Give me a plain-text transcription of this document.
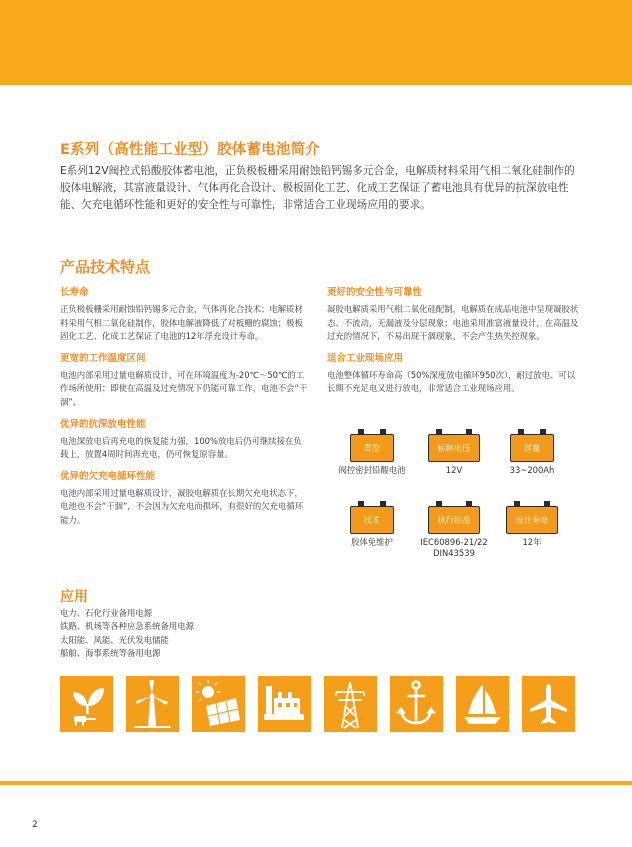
E系列（高性能工业型）胶体蓄电池简介
E系列12V阀控式铅酸胶体蓄电池，正负极板栅采用耐蚀铅钙锡多元合金，电解质材料采用气相二氧化硅制作的胶体电解液，其富液量设计、气体再化合设计、极板固化工艺、化成工艺保证了蓄电池具有优异的抗深放电性能、欠充电循环性能和更好的安全性与可靠性，非常适合工业现场应用的要求。
产品技术特点
长寿命
正负极板栅采用耐蚀铅钙锡多元合金，气体再化合技术；电解质材料采用气相二氧化硅制作，胶体电解液降低了对板栅的腐蚀；极板固化工艺、化成工艺保证了电池的12年浮充设计寿命。
更宽的工作温度区间
电池内部采用过量电解质设计，可在环境温度为-20℃～50℃的工作场所使用；即使在高温及过充情况下仍能可靠工作，电池不会“干涸”。
优异的抗深放电性能
电池深放电后再充电的恢复能力强，100%放电后仍可继续接在负载上，放置4周时间再充电，仍可恢复原容量。
优异的欠充电循环性能
电池内部采用过量电解质设计，凝胶电解质在长期欠充电状态下，电池也不会“干涸”，不会因为欠充电而损坏，有很好的欠充电循环能力。
更好的安全性与可靠性
凝胶电解质采用气相二氧化硅配制，电解质在成品电池中呈现凝胶状态、不流动，无漏液及分层现象；电池采用准富液量设计，在高温及过充的情况下，不易出现干涸现象，不会产生热失控现象。
适合工业现场应用
电池整体循环寿命高（50%深度放电循环950次），耐过放电、可以长期不充足电又进行放电，非常适合工业现场应用。
类型
阀控密封铅酸电池
标称电压
12V
容量
33~200Ah
技术
胶体免维护
执行标准
IEC60896-21/22
DIN43539
设计寿命
12年
应用
电力、石化行业备用电源
铁路、机场等各种应急系统备用电源
太阳能、风能、光伏发电储能
船舶、海事系统等备用电源
2
